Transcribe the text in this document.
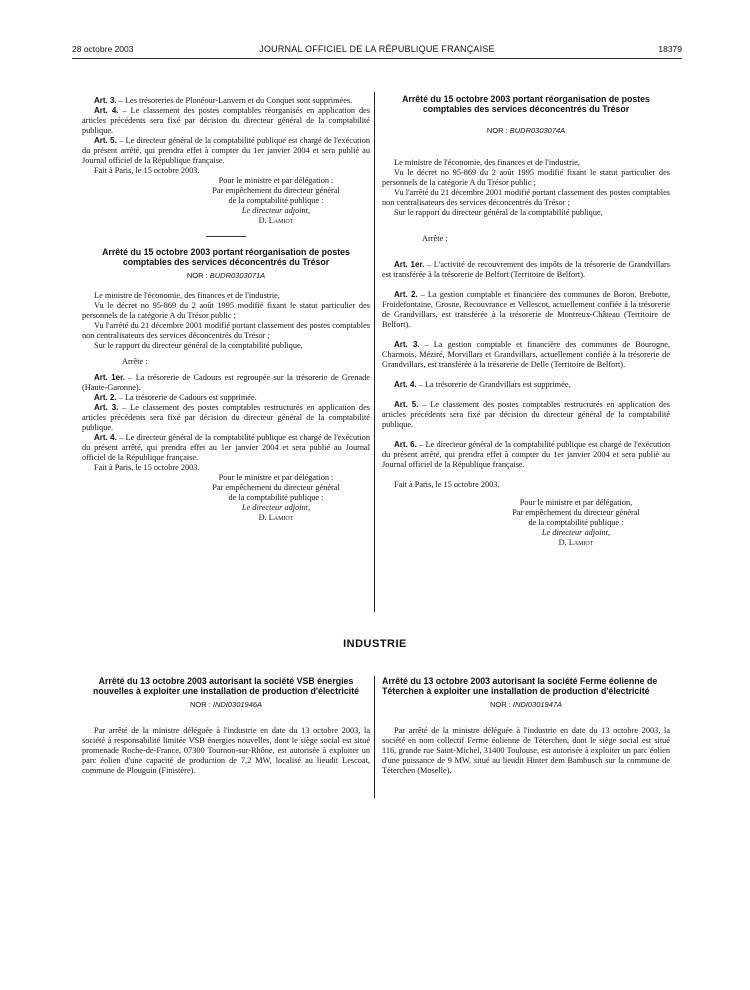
28 octobre 2003	JOURNAL OFFICIEL DE LA RÉPUBLIQUE FRANÇAISE	18379

Art. 3. – Les trésoreries de Plonéour-Lanvern et du Conquet sont supprimées.

Art. 4. – Le classement des postes comptables réorganisés en application des articles précédents sera fixé par décision du directeur général de la comptabilité publique.

Art. 5. – Le directeur général de la comptabilité publique est chargé de l'exécution du présent arrêté, qui prendra effet à compter du 1er janvier 2004 et sera publié au Journal officiel de la République française.

Fait à Paris, le 15 octobre 2003.

Pour le ministre et par délégation :

Par empêchement du directeur général

de la comptabilité publique :

Le directeur adjoint,

D. Lamiot

Arrêté du 15 octobre 2003 portant réorganisation de postes comptables des services déconcentrés du Trésor
NOR : BUDR0303071A

Le ministre de l'économie, des finances et de l'industrie,

Vu le décret no 95-869 du 2 août 1995 modifié fixant le statut particulier des personnels de la catégorie A du Trésor public ;

Vu l'arrêté du 21 décembre 2001 modifié portant classement des postes comptables non centralisateurs des services déconcentrés du Trésor ;

Sur le rapport du directeur général de la comptabilité publique,

Arrête :

Art. 1er. – La trésorerie de Cadours est regroupée sur la trésorerie de Grenade (Haute-Garonne).

Art. 2. – La trésorerie de Cadours est supprimée.

Art. 3. – Le classement des postes comptables restructurés en application des articles précédents sera fixé par décision du directeur général de la comptabilité publique.

Art. 4. – Le directeur général de la comptabilité publique est chargé de l'exécution du présent arrêté, qui prendra effet au 1er janvier 2004 et sera publié au Journal officiel de la République française.

Fait à Paris, le 15 octobre 2003.

Pour le ministre et par délégation :

Par empêchement du directeur général

de la comptabilité publique :

Le directeur adjoint,

D. Lamiot

Arrêté du 15 octobre 2003 portant réorganisation de postes comptables des services déconcentrés du Trésor
NOR : BUDR0303074A

Le ministre de l'économie, des finances et de l'industrie,

Vu le décret no 95-869 du 2 août 1995 modifié fixant le statut particulier des personnels de la catégorie A du Trésor public ;

Vu l'arrêté du 21 décembre 2001 modifié portant classement des postes comptables non centralisateurs des services déconcentrés du Trésor ;

Sur le rapport du directeur général de la comptabilité publique,

Arrête :

Art. 1er. – L'activité de recouvrement des impôts de la trésorerie de Grandvillars est transférée à la trésorerie de Belfort (Territoire de Belfort).

Art. 2. – La gestion comptable et financière des communes de Boron, Brebotte, Froidefontaine, Grosne, Recouvrance et Vellescot, actuellement confiée à la trésorerie de Grandvillars, est transférée à la trésorerie de Montreux-Château (Territoire de Belfort).

Art. 3. – La gestion comptable et financière des communes de Bourogne, Charmois, Méziré, Morvillars et Grandvillars, actuellement confiée à la trésorerie de Grandvillars, est transférée à la trésorerie de Delle (Territoire de Belfort).

Art. 4. – La trésorerie de Grandvillars est supprimée.

Art. 5. – Le classement des postes comptables restructurés en application des articles précédents sera fixé par décision du directeur général de la comptabilité publique.

Art. 6. – Le directeur général de la comptabilité publique est chargé de l'exécution du présent arrêté, qui prendra effet à compter du 1er janvier 2004 et sera publié au Journal officiel de la République française.

Fait à Paris, le 15 octobre 2003.

Pour le ministre et par délégation,

Par empêchement du directeur général

de la comptabilité publique :

Le directeur adjoint,

D. Lamiot

INDUSTRIE
Arrêté du 13 octobre 2003 autorisant la société VSB énergies nouvelles à exploiter une installation de production d'électricité
NOR : INDI0301946A

Par arrêté de la ministre déléguée à l'industrie en date du 13 octobre 2003, la société à responsabilité limitée VSB énergies nouvelles, dont le siège social est situé promenade Roche-de-France, 07300 Tournon-sur-Rhône, est autorisée à exploiter un parc éolien d'une capacité de production de 7,2 MW, localisé au lieudit Lescoat, commune de Plouguin (Finistère).

Arrêté du 13 octobre 2003 autorisant la société Ferme éolienne de Téterchen à exploiter une installation de production d'électricité
NOR : INDI0301947A

Par arrêté de la ministre déléguée à l'industrie en date du 13 octobre 2003, la société en nom collectif Ferme éolienne de Téterchen, dont le siège social est situé 116, grande rue Saint-Michel, 31400 Toulouse, est autorisée à exploiter un parc éolien d'une puissance de 9 MW, situé au lieudit Hinter dem Bambusch sur la commune de Téterchen (Moselle).
